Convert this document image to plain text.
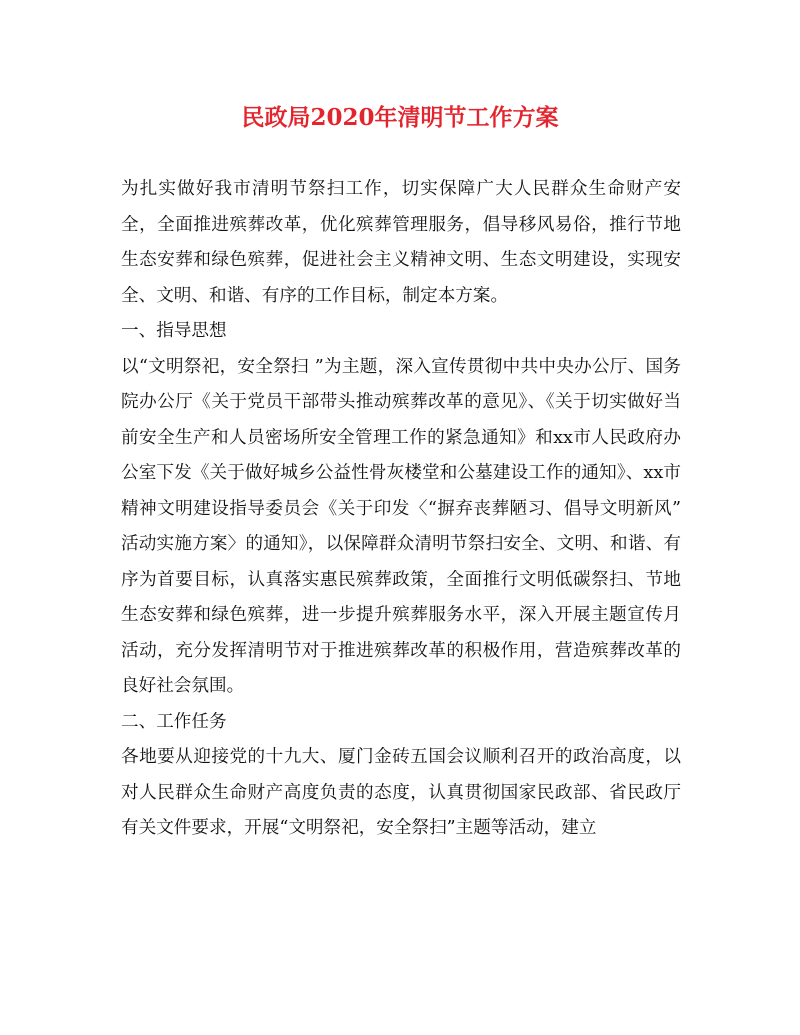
民政局2020年清明节工作方案

为扎实做好我市清明节祭扫工作，切实保障广大人民群众生命财产安全，全面推进殡葬改革，优化殡葬管理服务，倡导移风易俗，推行节地生态安葬和绿色殡葬，促进社会主义精神文明、生态文明建设，实现安全、文明、和谐、有序的工作目标，制定本方案。

一、指导思想

以“文明祭祀，安全祭扫 ”为主题，深入宣传贯彻中共中央办公厅、国务院办公厅《关于党员干部带头推动殡葬改革的意见》、《关于切实做好当前安全生产和人员密场所安全管理工作的紧急通知》和xx市人民政府办公室下发《关于做好城乡公益性骨灰楼堂和公墓建设工作的通知》、xx市精神文明建设指导委员会《关于印发〈“摒弃丧葬陋习、倡导文明新风” 活动实施方案〉的通知》，以保障群众清明节祭扫安全、文明、和谐、有序为首要目标，认真落实惠民殡葬政策，全面推行文明低碳祭扫、节地生态安葬和绿色殡葬，进一步提升殡葬服务水平，深入开展主题宣传月活动，充分发挥清明节对于推进殡葬改革的积极作用，营造殡葬改革的良好社会氛围。

二、工作任务

各地要从迎接党的十九大、厦门金砖五国会议顺利召开的政治高度，以对人民群众生命财产高度负责的态度，认真贯彻国家民政部、省民政厅有关文件要求，开展“文明祭祀，安全祭扫”主题等活动，建立
